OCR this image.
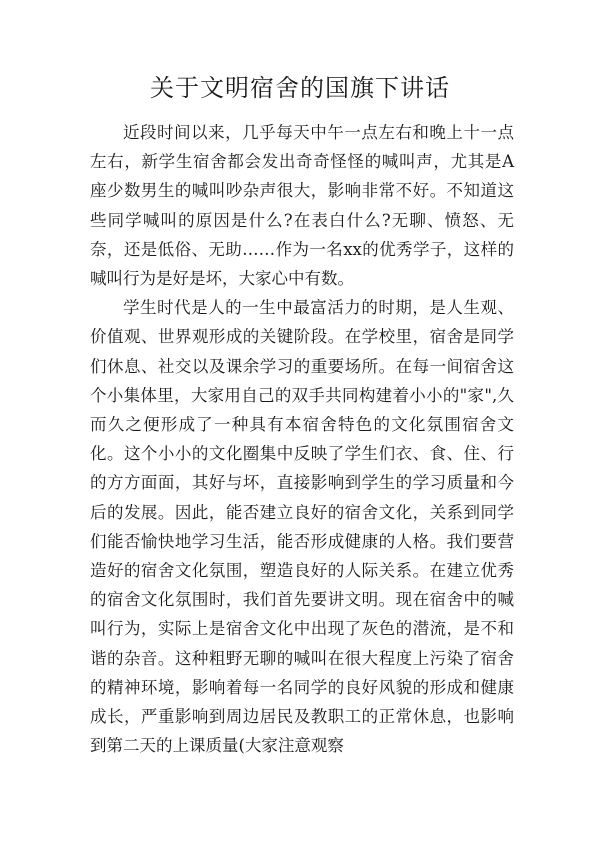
关于文明宿舍的国旗下讲话

近段时间以来，几乎每天中午一点左右和晚上十一点左右，新学生宿舍都会发出奇奇怪怪的喊叫声，尤其是A座少数男生的喊叫吵杂声很大，影响非常不好。不知道这些同学喊叫的原因是什么?在表白什么?无聊、愤怒、无奈，还是低俗、无助……作为一名xx的优秀学子，这样的喊叫行为是好是坏，大家心中有数。

学生时代是人的一生中最富活力的时期，是人生观、价值观、世界观形成的关键阶段。在学校里，宿舍是同学们休息、社交以及课余学习的重要场所。在每一间宿舍这个小集体里，大家用自己的双手共同构建着小小的"家",久而久之便形成了一种具有本宿舍特色的文化氛围宿舍文化。这个小小的文化圈集中反映了学生们衣、食、住、行的方方面面，其好与坏，直接影响到学生的学习质量和今后的发展。因此，能否建立良好的宿舍文化，关系到同学们能否愉快地学习生活，能否形成健康的人格。我们要营造好的宿舍文化氛围，塑造良好的人际关系。在建立优秀的宿舍文化氛围时，我们首先要讲文明。现在宿舍中的喊叫行为，实际上是宿舍文化中出现了灰色的潜流，是不和谐的杂音。这种粗野无聊的喊叫在很大程度上污染了宿舍的精神环境，影响着每一名同学的良好风貌的形成和健康成长，严重影响到周边居民及教职工的正常休息，也影响到第二天的上课质量(大家注意观察
